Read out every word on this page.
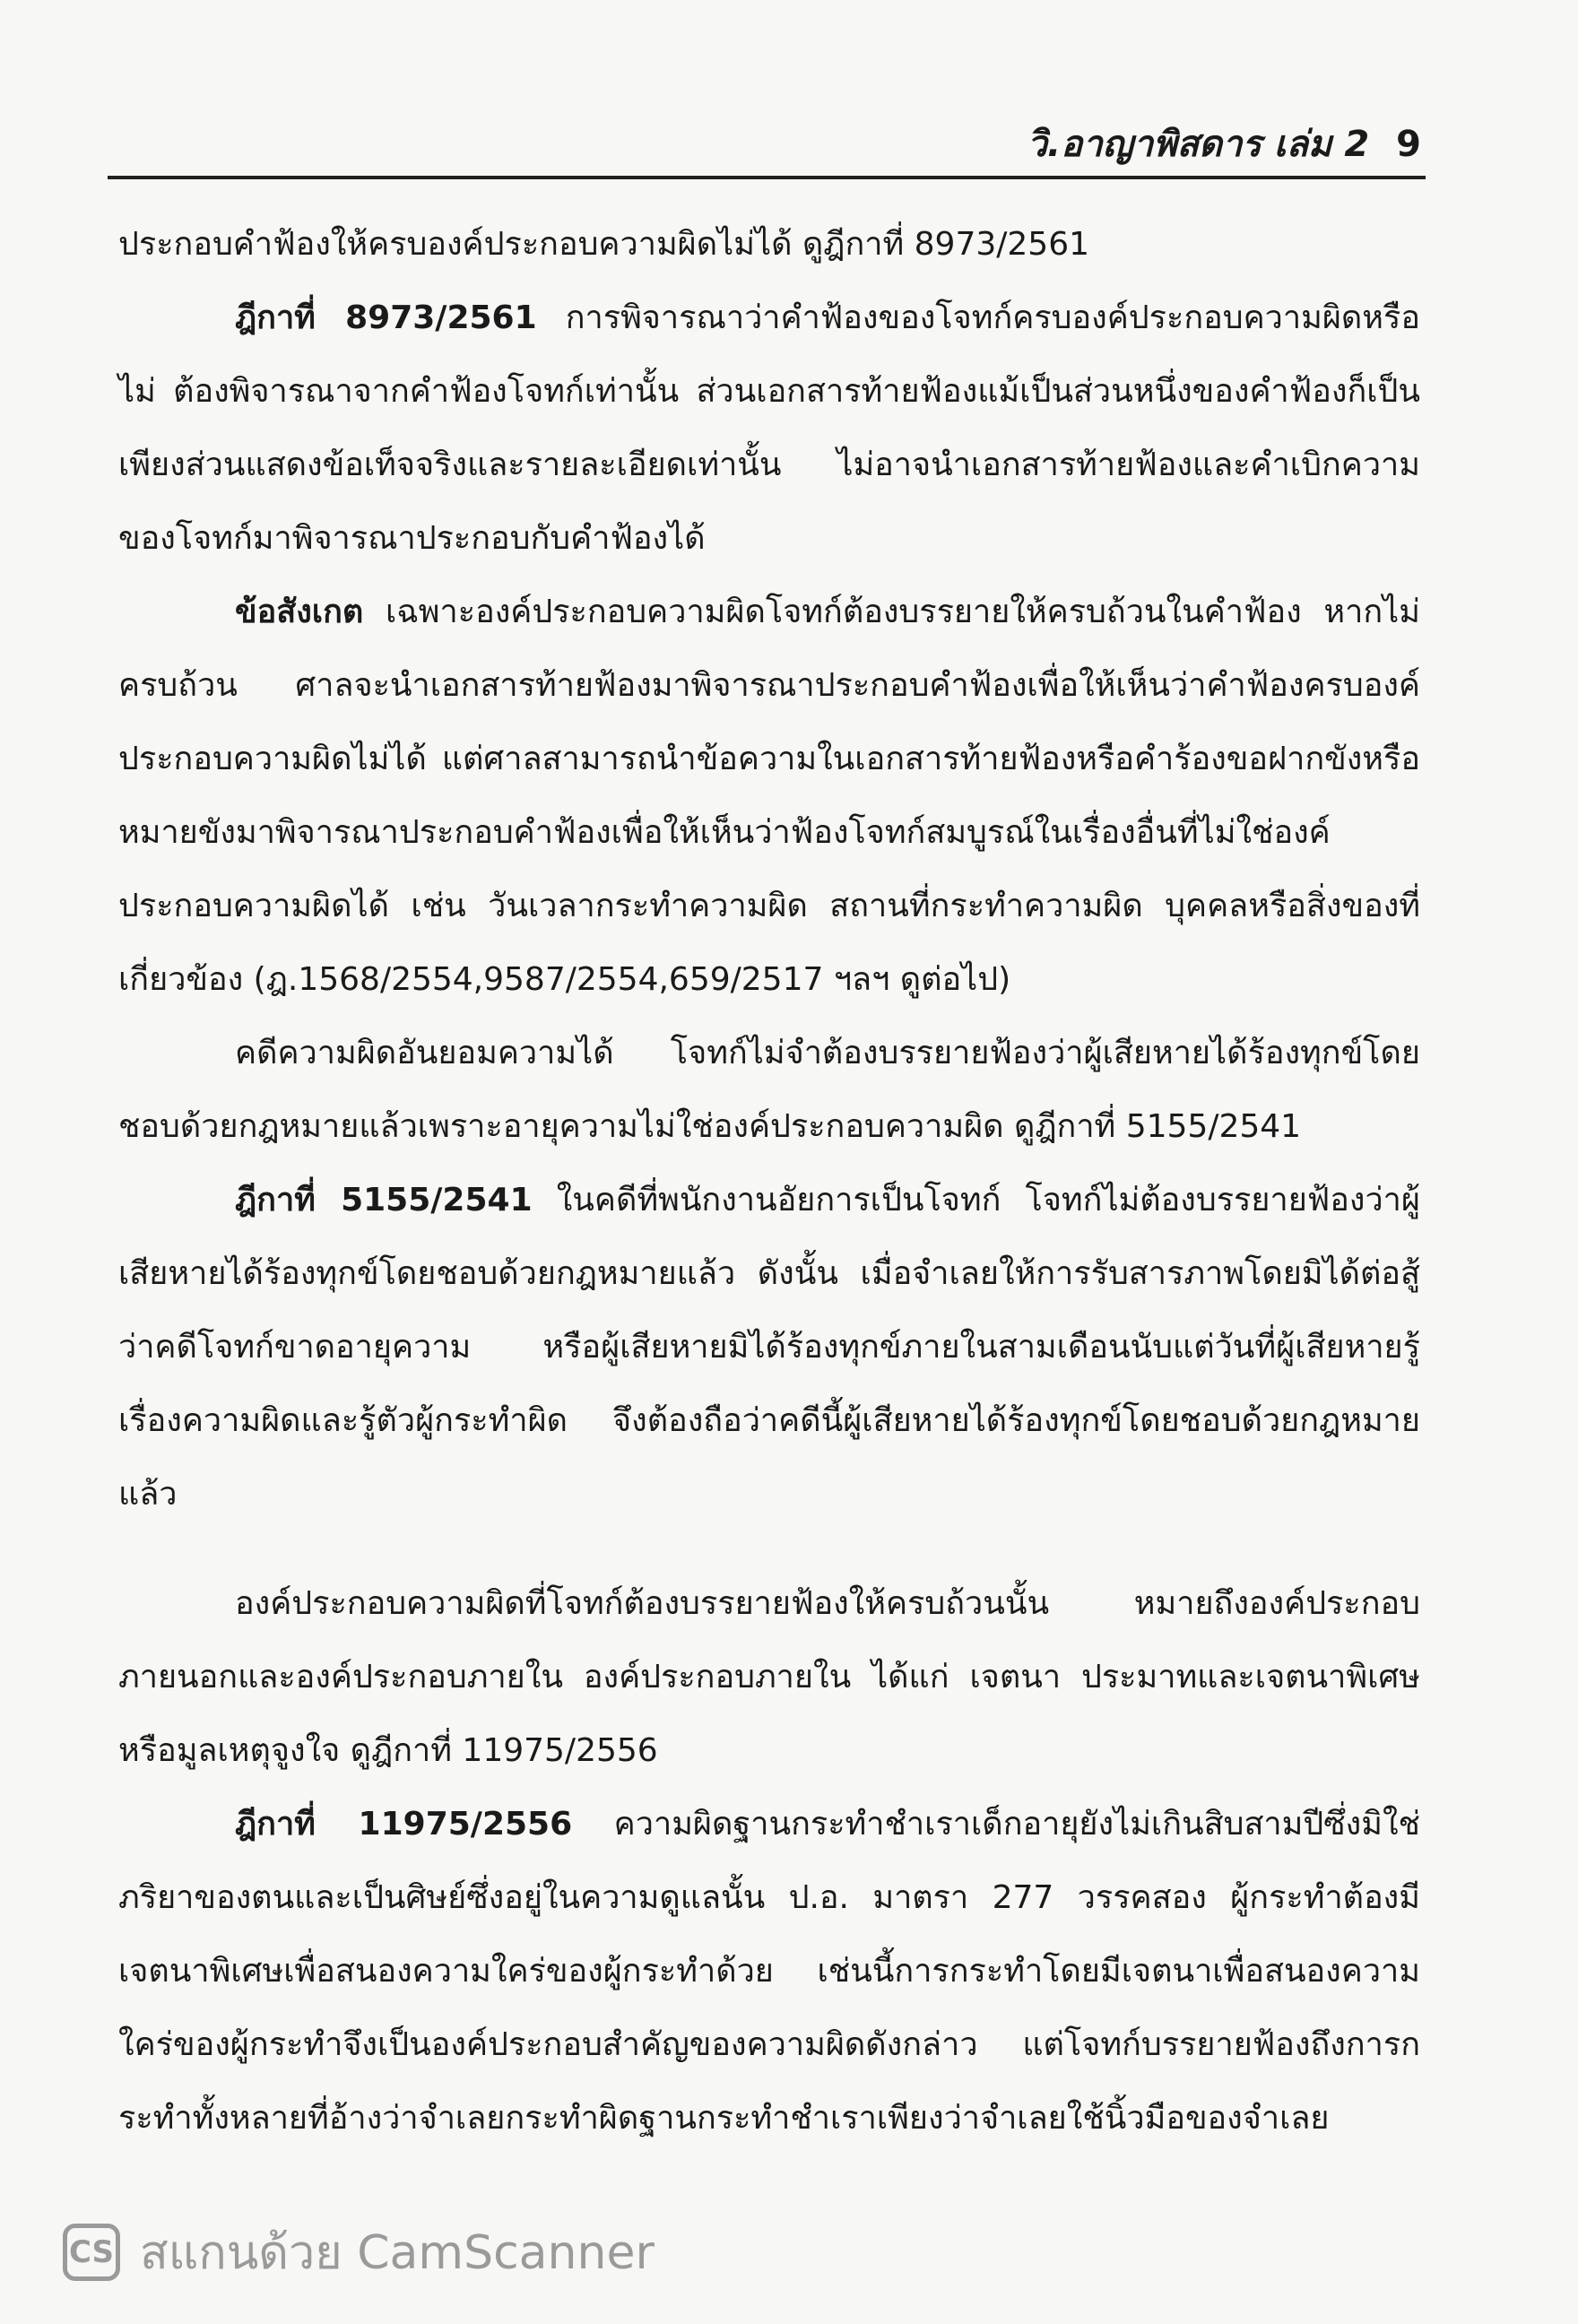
วิ.อาญาพิสดาร เล่ม 2 9

ประกอบคำฟ้องให้ครบองค์ประกอบความผิดไม่ได้ ดูฎีกาที่ 8973/2561

ฎีกาที่ 8973/2561 การพิจารณาว่าคำฟ้องของโจทก์ครบองค์ประกอบความผิดหรือไม่ ต้องพิจารณาจากคำฟ้องโจทก์เท่านั้น ส่วนเอกสารท้ายฟ้องแม้เป็นส่วนหนึ่งของคำฟ้องก็เป็นเพียงส่วนแสดงข้อเท็จจริงและรายละเอียดเท่านั้น ไม่อาจนำเอกสารท้ายฟ้องและคำเบิกความของโจทก์มาพิจารณาประกอบกับคำฟ้องได้

ข้อสังเกต เฉพาะองค์ประกอบความผิดโจทก์ต้องบรรยายให้ครบถ้วนในคำฟ้อง หากไม่ครบถ้วน ศาลจะนำเอกสารท้ายฟ้องมาพิจารณาประกอบคำฟ้องเพื่อให้เห็นว่าคำฟ้องครบองค์ประกอบความผิดไม่ได้ แต่ศาลสามารถนำข้อความในเอกสารท้ายฟ้องหรือคำร้องขอฝากขังหรือหมายขังมาพิจารณาประกอบคำฟ้องเพื่อให้เห็นว่าฟ้องโจทก์สมบูรณ์ในเรื่องอื่นที่ไม่ใช่องค์ประกอบความผิดได้ เช่น วันเวลากระทำความผิด สถานที่กระทำความผิด บุคคลหรือสิ่งของที่เกี่ยวข้อง (ฎ.1568/2554,9587/2554,659/2517 ฯลฯ ดูต่อไป)

คดีความผิดอันยอมความได้ โจทก์ไม่จำต้องบรรยายฟ้องว่าผู้เสียหายได้ร้องทุกข์โดยชอบด้วยกฎหมายแล้วเพราะอายุความไม่ใช่องค์ประกอบความผิด ดูฎีกาที่ 5155/2541

ฎีกาที่ 5155/2541 ในคดีที่พนักงานอัยการเป็นโจทก์ โจทก์ไม่ต้องบรรยายฟ้องว่าผู้เสียหายได้ร้องทุกข์โดยชอบด้วยกฎหมายแล้ว ดังนั้น เมื่อจำเลยให้การรับสารภาพโดยมิได้ต่อสู้ว่าคดีโจทก์ขาดอายุความ หรือผู้เสียหายมิได้ร้องทุกข์ภายในสามเดือนนับแต่วันที่ผู้เสียหายรู้เรื่องความผิดและรู้ตัวผู้กระทำผิด จึงต้องถือว่าคดีนี้ผู้เสียหายได้ร้องทุกข์โดยชอบด้วยกฎหมายแล้ว

องค์ประกอบความผิดที่โจทก์ต้องบรรยายฟ้องให้ครบถ้วนนั้น หมายถึงองค์ประกอบภายนอกและองค์ประกอบภายใน องค์ประกอบภายใน ได้แก่ เจตนา ประมาทและเจตนาพิเศษหรือมูลเหตุจูงใจ ดูฎีกาที่ 11975/2556

ฎีกาที่ 11975/2556 ความผิดฐานกระทำชำเราเด็กอายุยังไม่เกินสิบสามปีซึ่งมิใช่ภริยาของตนและเป็นศิษย์ซึ่งอยู่ในความดูแลนั้น ป.อ. มาตรา 277 วรรคสอง ผู้กระทำต้องมีเจตนาพิเศษเพื่อสนองความใคร่ของผู้กระทำด้วย เช่นนี้การกระทำโดยมีเจตนาเพื่อสนองความใคร่ของผู้กระทำจึงเป็นองค์ประกอบสำคัญของความผิดดังกล่าว แต่โจทก์บรรยายฟ้องถึงการกระทำทั้งหลายที่อ้างว่าจำเลยกระทำผิดฐานกระทำชำเราเพียงว่าจำเลยใช้นิ้วมือของจำเลย

CS สแกนด้วย CamScanner
